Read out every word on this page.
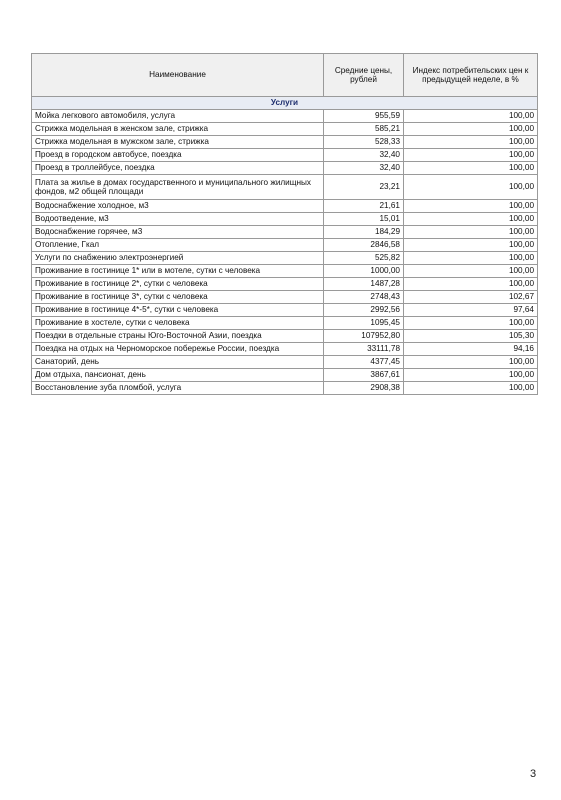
Наименование	Средние цены, рублей	Индекс потребительских цен к предыдущей неделе, в %
Услуги		
Мойка легкового автомобиля, услуга	955,59	100,00
Стрижка модельная в женском зале, стрижка	585,21	100,00
Стрижка модельная в мужском зале, стрижка	528,33	100,00
Проезд в городском автобусе, поездка	32,40	100,00
Проезд в троллейбусе, поездка	32,40	100,00
Плата за жилье в домах государственного и муниципального жилищных фондов, м2 общей площади	23,21	100,00
Водоснабжение холодное, м3	21,61	100,00
Водоотведение, м3	15,01	100,00
Водоснабжение горячее, м3	184,29	100,00
Отопление, Гкал	2846,58	100,00
Услуги по снабжению электроэнергией	525,82	100,00
Проживание в гостинице 1* или в мотеле, сутки с человека	1000,00	100,00
Проживание в гостинице 2*, сутки с человека	1487,28	100,00
Проживание в гостинице 3*, сутки с человека	2748,43	102,67
Проживание в гостинице 4*-5*, сутки с человека	2992,56	97,64
Проживание в хостеле, сутки с человека	1095,45	100,00
Поездки в отдельные страны Юго-Восточной Азии, поездка	107952,80	105,30
Поездка на отдых на Черноморское побережье России, поездка	33111,78	94,16
Санаторий, день	4377,45	100,00
Дом отдыха, пансионат, день	3867,61	100,00
Восстановление зуба пломбой, услуга	2908,38	100,00
3
